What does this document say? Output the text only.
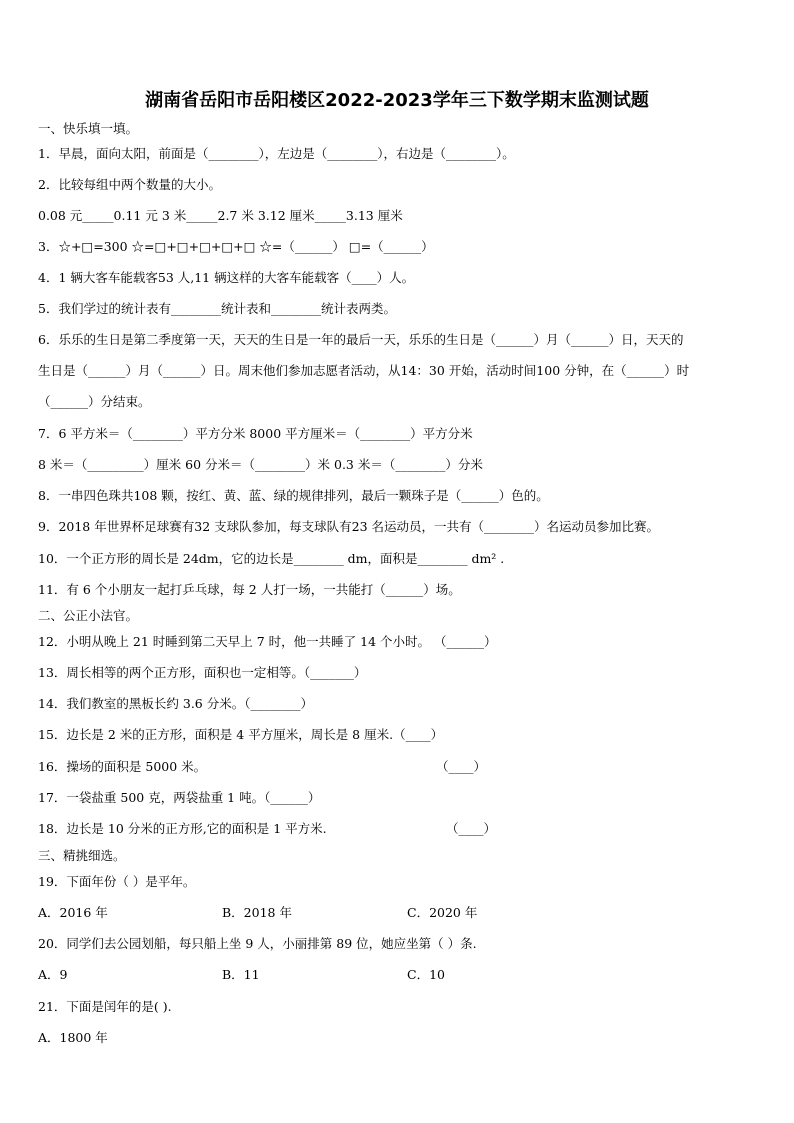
湖南省岳阳市岳阳楼区2022-2023学年三下数学期末监测试题
一、快乐填一填。
1．早晨，面向太阳，前面是（________），左边是（________），右边是（________）。
2．比较每组中两个数量的大小。
0.08 元_____0.11 元 3 米_____2.7 米 3.12 厘米_____3.13 厘米
3．☆+□=300 ☆=□+□+□+□+□ ☆=（______） □=（______）
4．1 辆大客车能载客53 人,11 辆这样的大客车能载客（____）人。
5．我们学过的统计表有________统计表和________统计表两类。
6．乐乐的生日是第二季度第一天，天天的生日是一年的最后一天，乐乐的生日是（______）月（______）日，天天的
生日是（______）月（______）日。周末他们参加志愿者活动，从14：30 开始，活动时间100 分钟，在（______）时
（______）分结束。
7．6 平方米＝（________）平方分米 8000 平方厘米＝（________）平方分米
8 米＝（_________）厘米 60 分米＝（________）米 0.3 米＝（________）分米
8．一串四色珠共108 颗，按红、黄、蓝、绿的规律排列，最后一颗珠子是（______）色的。
9．2018 年世界杯足球赛有32 支球队参加，每支球队有23 名运动员，一共有（________）名运动员参加比赛。
10．一个正方形的周长是 24dm，它的边长是________ dm，面积是________ dm² .
11．有 6 个小朋友一起打乒乓球，每 2 人打一场，一共能打（______）场。
二、公正小法官。
12．小明从晚上 21 时睡到第二天早上 7 时，他一共睡了 14 个小时。 （______）
13．周长相等的两个正方形，面积也一定相等。（_______）
14．我们教室的黑板长约 3.6 分米。（________）
15．边长是 2 米的正方形，面积是 4 平方厘米，周长是 8 厘米.（____）
16．操场的面积是 5000 米。	（____）
17．一袋盐重 500 克，两袋盐重 1 吨。（______）
18．边长是 10 分米的正方形,它的面积是 1 平方米.	（____）
三、精挑细选。
19．下面年份（ ）是平年。
A．2016 年	B．2018 年	C．2020 年
20．同学们去公园划船，每只船上坐 9 人，小丽排第 89 位，她应坐第（ ）条.
A．9	B．11	C．10
21．下面是闰年的是( ).
A．1800 年
